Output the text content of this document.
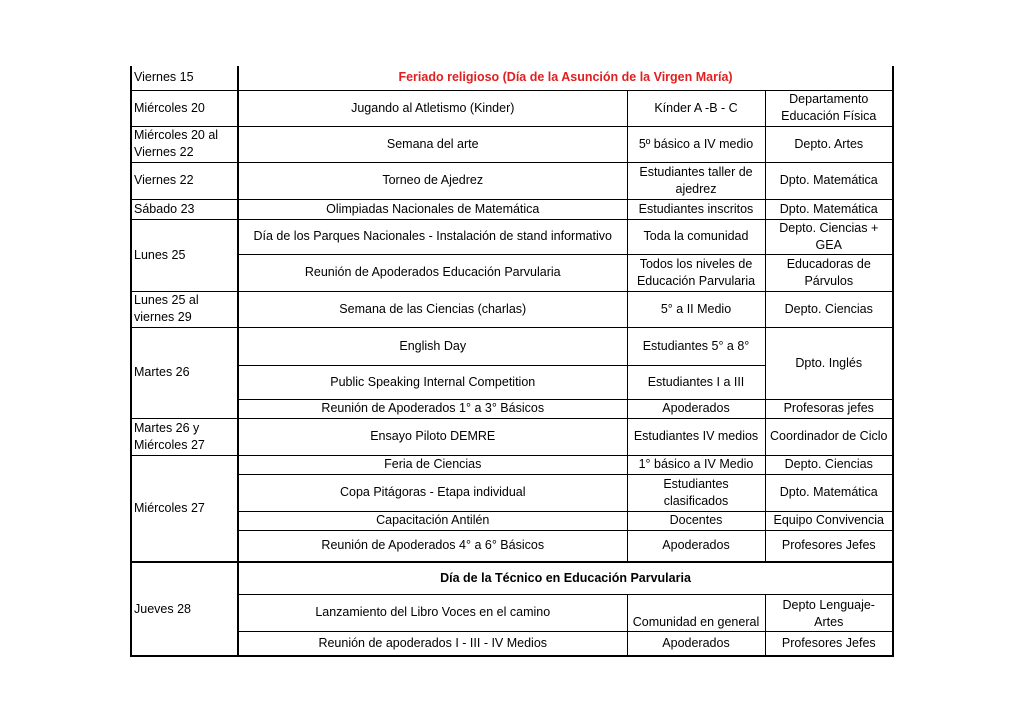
Viernes 15	Feriado religioso (Día de la Asunción de la Virgen María)		
Miércoles 20	Jugando al Atletismo (Kinder)	Kínder A -B - C	Departamento Educación Física
Miércoles 20 al Viernes 22	Semana del arte	5º básico a IV medio	Depto. Artes
Viernes 22	Torneo de Ajedrez	Estudiantes taller de ajedrez	Dpto. Matemática
Sábado 23	Olimpiadas Nacionales de Matemática	Estudiantes inscritos	Dpto. Matemática
Lunes 25	Día de los Parques Nacionales - Instalación de stand informativo	Toda la comunidad	Depto. Ciencias + GEA
	Reunión de Apoderados Educación Parvularia	Todos los niveles de Educación Parvularia	Educadoras de Párvulos
Lunes 25 al viernes 29	Semana de las Ciencias (charlas)	5° a II Medio	Depto. Ciencias
Martes 26	English Day	Estudiantes 5° a 8°	Dpto. Inglés
	Public Speaking Internal Competition	Estudiantes I a III	
	Reunión de Apoderados 1° a 3° Básicos	Apoderados	Profesoras jefes
Martes 26 y Miércoles 27	Ensayo Piloto DEMRE	Estudiantes IV medios	Coordinador de Ciclo
Miércoles 27	Feria de Ciencias	1° básico a IV Medio	Depto. Ciencias
	Copa Pitágoras - Etapa individual	Estudiantes clasificados	Dpto. Matemática
	Capacitación Antilén	Docentes	Equipo Convivencia
	Reunión de Apoderados 4° a 6° Básicos	Apoderados	Profesores Jefes
Jueves 28	Día de la Técnico en Educación Parvularia		
	Lanzamiento del Libro Voces en el camino	Comunidad en general	Depto Lenguaje-Artes
	Reunión de apoderados I - III - IV Medios	Apoderados	Profesores Jefes
